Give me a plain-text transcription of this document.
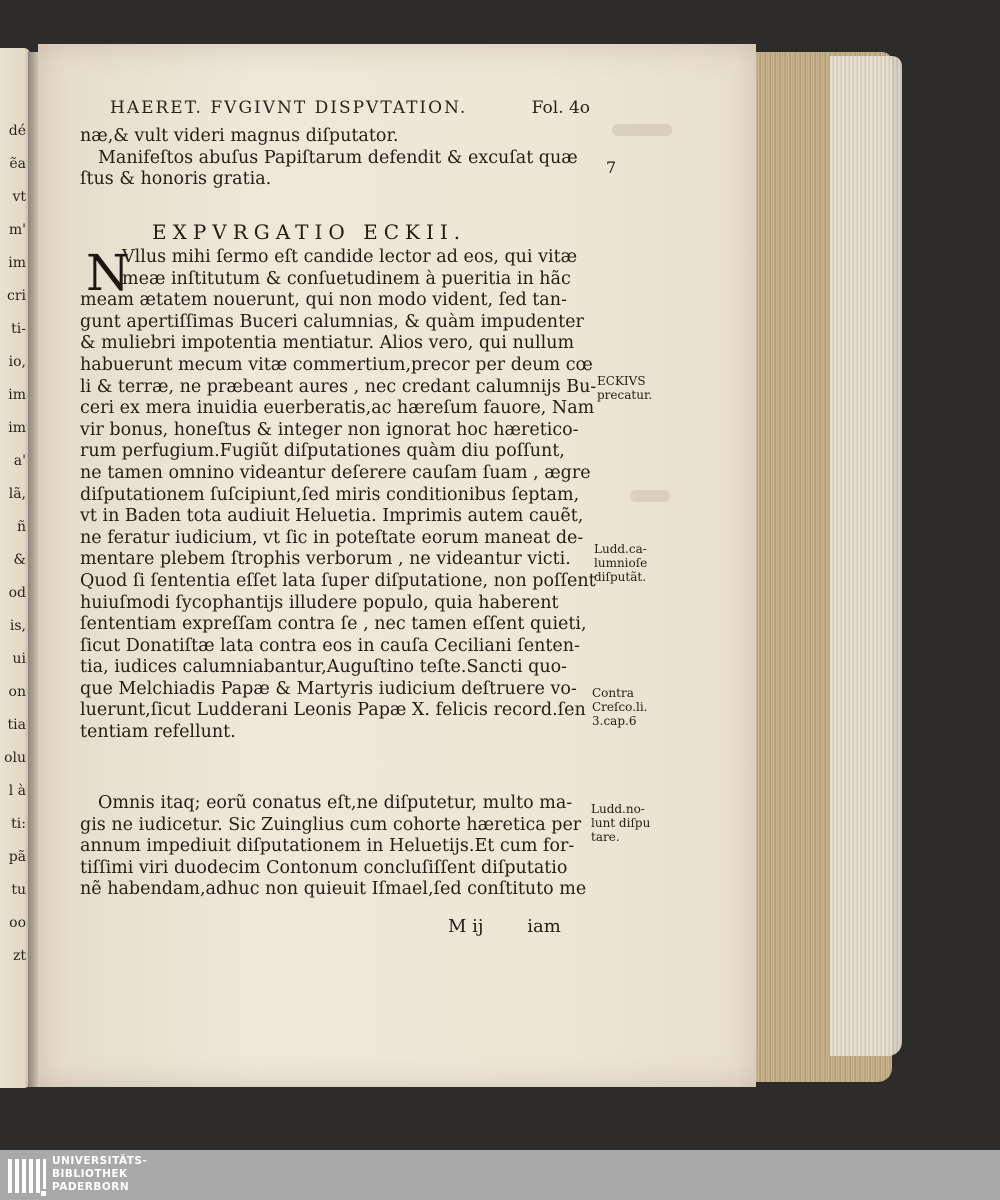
dé
ẽa
vt
m'
im
cri
ti-
io,
im
im
a'
lã,
ñ
&
od
is,
ui
on
tia
olu
l à
ti:
pã
tu
oo
zt
HAERET. FVGIVNT DISPVTATION.	Fol. 4o
næ,& vult videri magnus diſputator.
Manifeſtos abuſus Papiſtarum defendit & excuſat quæ
ſtus & honoris gratia.
7
EXPVRGATIO ECKII.
N
Vllus mihi ſermo eſt candide lector ad eos, qui vitæ
meæ inſtitutum & conſuetudinem à pueritia in hãc
meam ætatem nouerunt, qui non modo vident, ſed tan-
gunt apertiſſimas Buceri calumnias, & quàm impudenter
& muliebri impotentia mentiatur. Alios vero, qui nullum
habuerunt mecum vitæ commertium,precor per deum cœ
li & terræ, ne præbeant aures , nec credant calumnijs Bu-
ceri ex mera inuidia euerberatis,ac hæreſum fauore, Nam
vir bonus, honeſtus & integer non ignorat hoc hæretico-
rum perfugium.Fugiũt diſputationes quàm diu poſſunt,
ne tamen omnino videantur deſerere cauſam ſuam , ægre
diſputationem ſuſcipiunt,ſed miris conditionibus ſeptam,
vt in Baden tota audiuit Heluetia. Imprimis autem cauẽt,
ne feratur iudicium, vt ſic in poteſtate eorum maneat de-
mentare plebem ſtrophis verborum , ne videantur victi.
Quod ſi ſententia eſſet lata ſuper diſputatione, non poſſent
huiuſmodi ſycophantijs illudere populo, quia haberent
ſententiam expreſſam contra ſe , nec tamen eſſent quieti,
ſicut Donatiſtæ lata contra eos in cauſa Ceciliani ſenten-
tia, iudices calumniabantur,Auguſtino teſte.Sancti quo-
que Melchiadis Papæ & Martyris iudicium deſtruere vo-
luerunt,ſicut Ludderani Leonis Papæ X. felicis record.ſen
tentiam refellunt.
Omnis itaq; eorũ conatus eſt,ne diſputetur, multo ma-
gis ne iudicetur. Sic Zuinglius cum cohorte hæretica per
annum impediuit diſputationem in Heluetijs.Et cum for-
tiſſimi viri duodecim Contonum concluſiſſent diſputatio
nẽ habendam,adhuc non quieuit Iſmael,ſed conſtituto me
M ij iam
ECKIVS
precatur.
Ludd.ca-
lumnioſe
diſputãt.
Contra
Creſco.li.
3.cap.6
Ludd.no-
lunt diſpu
tare.
UNIVERSITÄTS-
BIBLIOTHEK
PADERBORN
